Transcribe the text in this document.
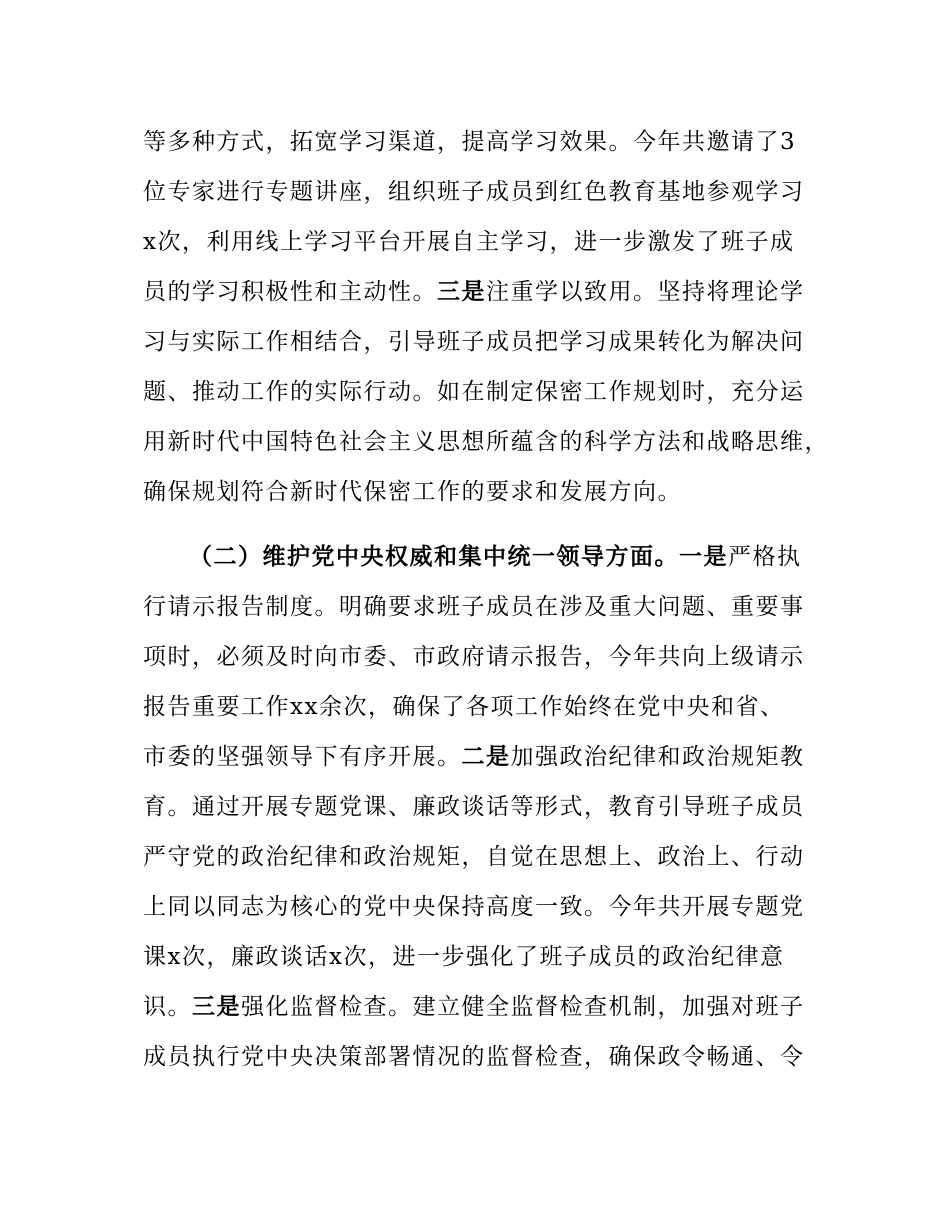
等多种方式，拓宽学习渠道，提高学习效果。今年共邀请了3
位专家进行专题讲座，组织班子成员到红色教育基地参观学习
x次，利用线上学习平台开展自主学习，进一步激发了班子成
员的学习积极性和主动性。三是注重学以致用。坚持将理论学
习与实际工作相结合，引导班子成员把学习成果转化为解决问
题、推动工作的实际行动。如在制定保密工作规划时，充分运
用新时代中国特色社会主义思想所蕴含的科学方法和战略思维，
确保规划符合新时代保密工作的要求和发展方向。
（二）维护党中央权威和集中统一领导方面。一是严格执
行请示报告制度。明确要求班子成员在涉及重大问题、重要事
项时，必须及时向市委、市政府请示报告，今年共向上级请示
报告重要工作xx余次，确保了各项工作始终在党中央和省、
市委的坚强领导下有序开展。二是加强政治纪律和政治规矩教
育。通过开展专题党课、廉政谈话等形式，教育引导班子成员
严守党的政治纪律和政治规矩，自觉在思想上、政治上、行动
上同以同志为核心的党中央保持高度一致。今年共开展专题党
课x次，廉政谈话x次，进一步强化了班子成员的政治纪律意
识。三是强化监督检查。建立健全监督检查机制，加强对班子
成员执行党中央决策部署情况的监督检查，确保政令畅通、令
